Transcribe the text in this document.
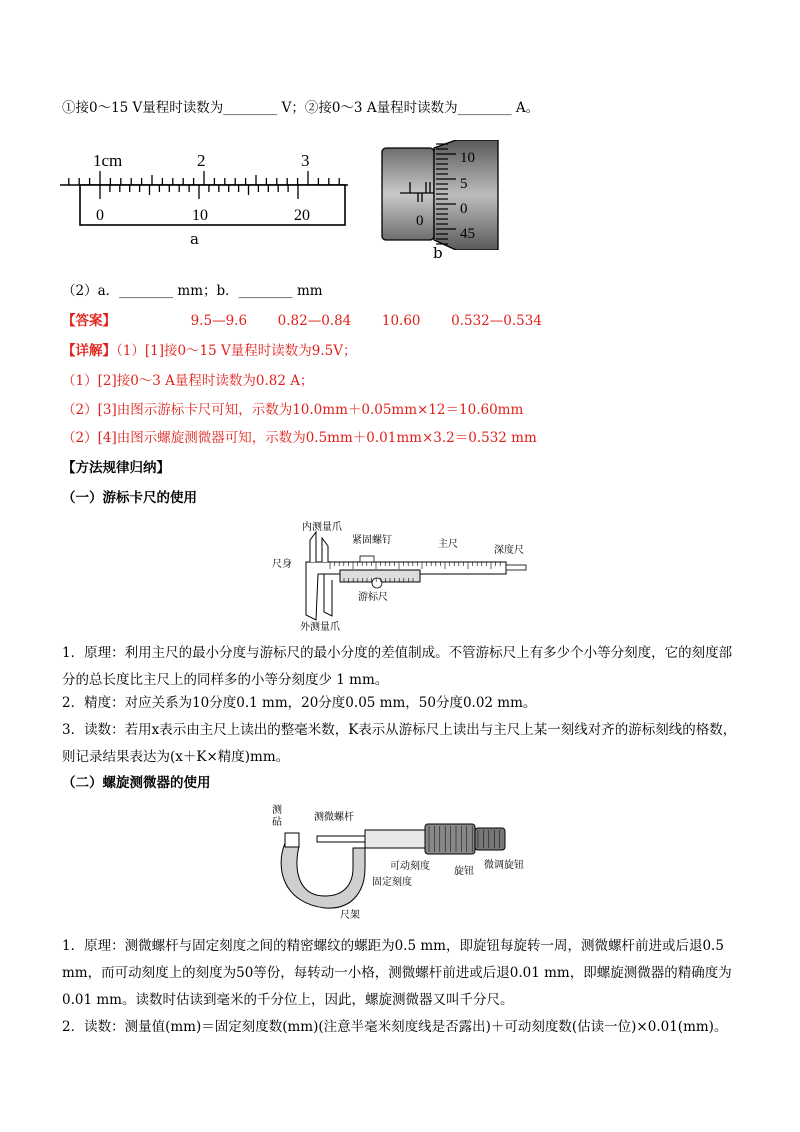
①接0～15 V量程时读数为________ V；②接0～3 A量程时读数为________ A。
1cm	2	3
0	10	20
a
10
5
0
45
0
b
（2）a．________ mm；b．________ mm
【答案】	9.5—9.6 0.82—0.84 10.60 0.532—0.534
【详解】（1）[1]接0～15 V量程时读数为9.5V；
（1）[2]接0～3 A量程时读数为0.82 A；
（2）[3]由图示游标卡尺可知，示数为10.0mm＋0.05mm×12＝10.60mm
（2）[4]由图示螺旋测微器可知，示数为0.5mm＋0.01mm×3.2＝0.532 mm
【方法规律归纳】
（一）游标卡尺的使用
内测量爪
紧固螺钉	主尺
深度尺
尺身
游标尺
外测量爪
1．原理：利用主尺的最小分度与游标尺的最小分度的差值制成。不管游标尺上有多少个小等分刻度，它的刻度部分的总长度比主尺上的同样多的小等分刻度少 1 mm。
2．精度：对应关系为10分度0.1 mm，20分度0.05 mm，50分度0.02 mm。
3．读数：若用x表示由主尺上读出的整毫米数，K表示从游标尺上读出与主尺上某一刻线对齐的游标刻线的格数，则记录结果表达为(x＋K×精度)mm。
（二）螺旋测微器的使用
测砧	测微螺杆
可动刻度 旋钮
微调旋钮
固定刻度
尺架
1．原理：测微螺杆与固定刻度之间的精密螺纹的螺距为0.5 mm，即旋钮每旋转一周，测微螺杆前进或后退0.5 mm，而可动刻度上的刻度为50等份，每转动一小格，测微螺杆前进或后退0.01 mm，即螺旋测微器的精确度为0.01 mm。读数时估读到毫米的千分位上，因此，螺旋测微器又叫千分尺。
2．读数：测量值(mm)＝固定刻度数(mm)(注意半毫米刻度线是否露出)＋可动刻度数(估读一位)×0.01(mm)。
